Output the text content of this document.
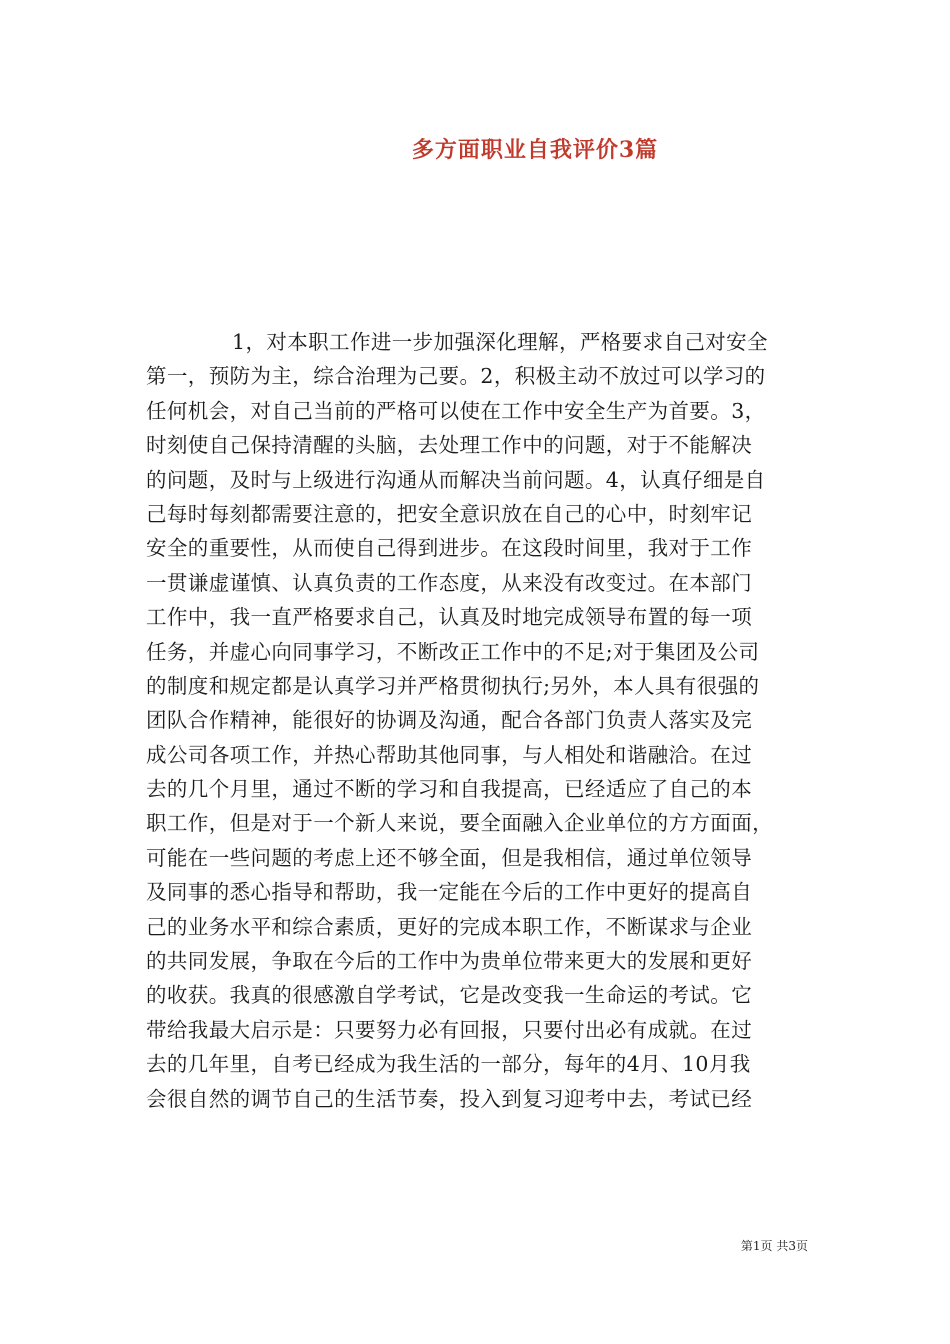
多方面职业自我评价3篇
1，对本职工作进一步加强深化理解，严格要求自己对安全
第一，预防为主，综合治理为己要。2，积极主动不放过可以学习的
任何机会，对自己当前的严格可以使在工作中安全生产为首要。3，
时刻使自己保持清醒的头脑，去处理工作中的问题，对于不能解决
的问题，及时与上级进行沟通从而解决当前问题。4，认真仔细是自
己每时每刻都需要注意的，把安全意识放在自己的心中，时刻牢记
安全的重要性，从而使自己得到进步。在这段时间里，我对于工作
一贯谦虚谨慎、认真负责的工作态度，从来没有改变过。在本部门
工作中，我一直严格要求自己，认真及时地完成领导布置的每一项
任务，并虚心向同事学习，不断改正工作中的不足;对于集团及公司
的制度和规定都是认真学习并严格贯彻执行;另外，本人具有很强的
团队合作精神，能很好的协调及沟通，配合各部门负责人落实及完
成公司各项工作，并热心帮助其他同事，与人相处和谐融洽。在过
去的几个月里，通过不断的学习和自我提高，已经适应了自己的本
职工作，但是对于一个新人来说，要全面融入企业单位的方方面面，
可能在一些问题的考虑上还不够全面，但是我相信，通过单位领导
及同事的悉心指导和帮助，我一定能在今后的工作中更好的提高自
己的业务水平和综合素质，更好的完成本职工作，不断谋求与企业
的共同发展，争取在今后的工作中为贵单位带来更大的发展和更好
的收获。我真的很感激自学考试，它是改变我一生命运的考试。它
带给我最大启示是：只要努力必有回报，只要付出必有成就。在过
去的几年里，自考已经成为我生活的一部分，每年的4月、10月我
会很自然的调节自己的生活节奏，投入到复习迎考中去，考试已经
第1页 共3页
